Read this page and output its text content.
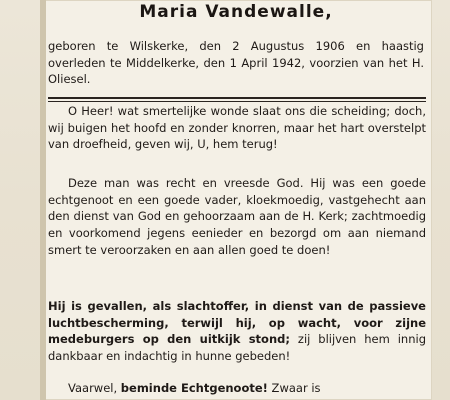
Maria Vandewalle,

geboren te Wilskerke, den 2 Augustus 1906 en haastig overleden te Middelkerke, den 1 April 1942, voorzien van het H. Oliesel.

O Heer! wat smertelijke wonde slaat ons die scheiding; doch, wij buigen het hoofd en zonder knorren, maar het hart overstelpt van droefheid, geven wij, U, hem terug!

Deze man was recht en vreesde God. Hij was een goede echtgenoot en een goede vader, kloekmoedig, vastgehecht aan den dienst van God en gehoorzaam aan de H. Kerk; zachtmoedig en voorkomend jegens eenieder en bezorgd om aan niemand smert te veroorzaken en aan allen goed te doen!

Hij is gevallen, als slachtoffer, in dienst van de passieve luchtbescherming, terwijl hij, op wacht, voor zijne medeburgers op den uitkijk stond; zij blijven hem innig dankbaar en indachtig in hunne gebeden!

Vaarwel, beminde Echtgenoote! Zwaar is
